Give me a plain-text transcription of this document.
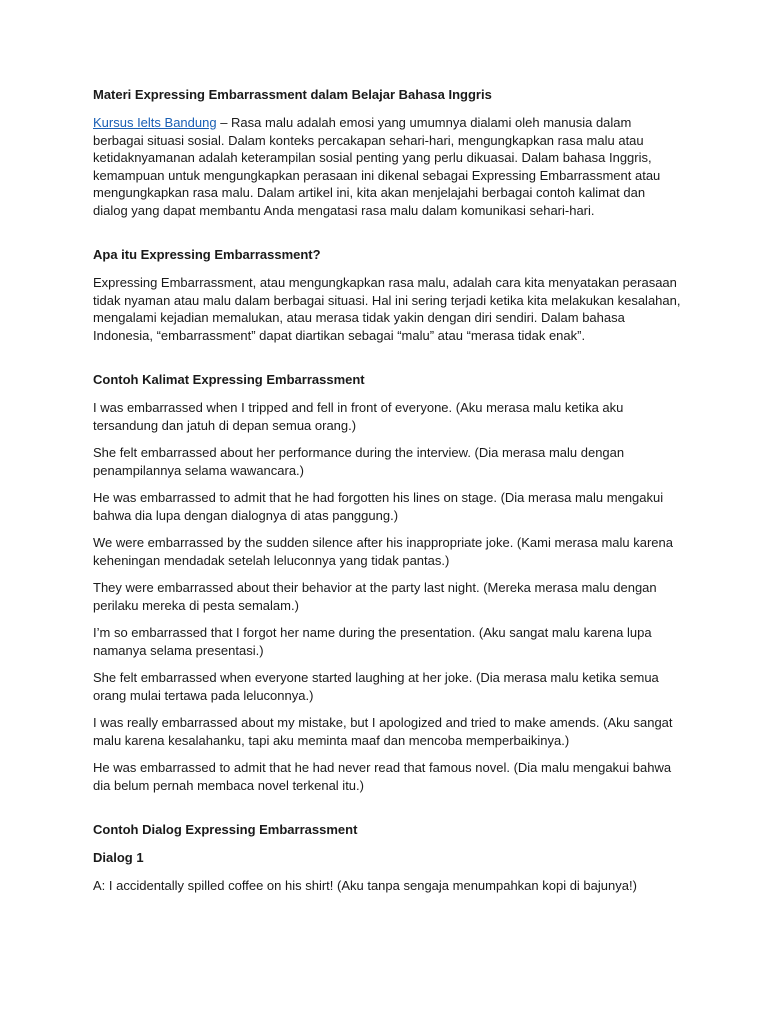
Materi Expressing Embarrassment dalam Belajar Bahasa Inggris
Kursus Ielts Bandung – Rasa malu adalah emosi yang umumnya dialami oleh manusia dalam berbagai situasi sosial. Dalam konteks percakapan sehari-hari, mengungkapkan rasa malu atau ketidaknyamanan adalah keterampilan sosial penting yang perlu dikuasai. Dalam bahasa Inggris, kemampuan untuk mengungkapkan perasaan ini dikenal sebagai Expressing Embarrassment atau mengungkapkan rasa malu. Dalam artikel ini, kita akan menjelajahi berbagai contoh kalimat dan dialog yang dapat membantu Anda mengatasi rasa malu dalam komunikasi sehari-hari.
Apa itu Expressing Embarrassment?
Expressing Embarrassment, atau mengungkapkan rasa malu, adalah cara kita menyatakan perasaan tidak nyaman atau malu dalam berbagai situasi. Hal ini sering terjadi ketika kita melakukan kesalahan, mengalami kejadian memalukan, atau merasa tidak yakin dengan diri sendiri. Dalam bahasa Indonesia, “embarrassment” dapat diartikan sebagai “malu” atau “merasa tidak enak”.
Contoh Kalimat Expressing Embarrassment
I was embarrassed when I tripped and fell in front of everyone. (Aku merasa malu ketika aku tersandung dan jatuh di depan semua orang.)
She felt embarrassed about her performance during the interview. (Dia merasa malu dengan penampilannya selama wawancara.)
He was embarrassed to admit that he had forgotten his lines on stage. (Dia merasa malu mengakui bahwa dia lupa dengan dialognya di atas panggung.)
We were embarrassed by the sudden silence after his inappropriate joke. (Kami merasa malu karena keheningan mendadak setelah leluconnya yang tidak pantas.)
They were embarrassed about their behavior at the party last night. (Mereka merasa malu dengan perilaku mereka di pesta semalam.)
I’m so embarrassed that I forgot her name during the presentation. (Aku sangat malu karena lupa namanya selama presentasi.)
She felt embarrassed when everyone started laughing at her joke. (Dia merasa malu ketika semua orang mulai tertawa pada leluconnya.)
I was really embarrassed about my mistake, but I apologized and tried to make amends. (Aku sangat malu karena kesalahanku, tapi aku meminta maaf dan mencoba memperbaikinya.)
He was embarrassed to admit that he had never read that famous novel. (Dia malu mengakui bahwa dia belum pernah membaca novel terkenal itu.)
Contoh Dialog Expressing Embarrassment
Dialog 1
A: I accidentally spilled coffee on his shirt! (Aku tanpa sengaja menumpahkan kopi di bajunya!)
